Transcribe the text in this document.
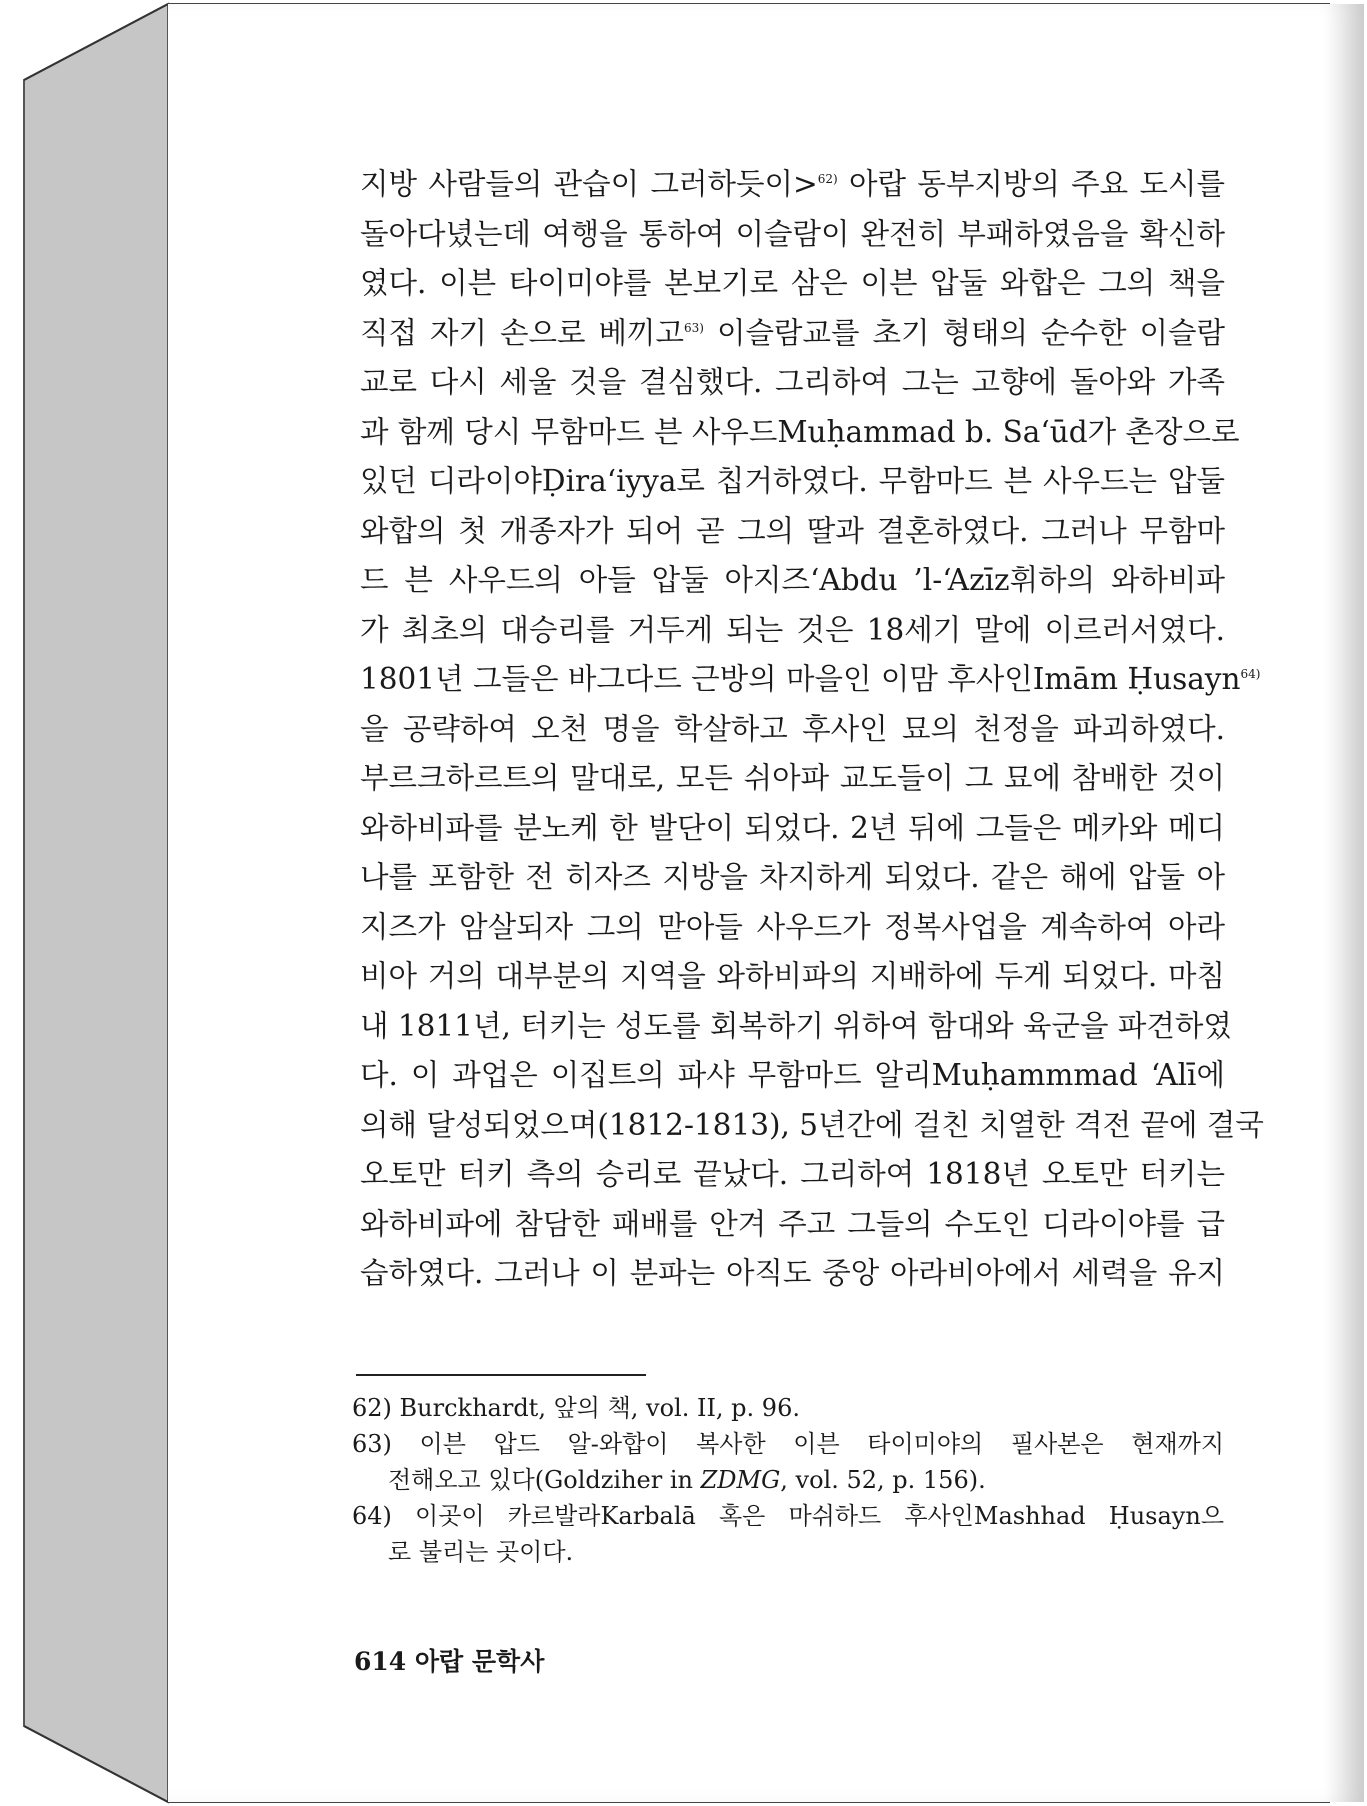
지방 사람들의 관습이 그러하듯이>$^{62)}$ 아랍 동부지방의 주요 도시를
돌아다녔는데 여행을 통하여 이슬람이 완전히 부패하였음을 확신하
였다. 이븐 타이미야를 본보기로 삼은 이븐 압둘 와합은 그의 책을
직접 자기 손으로 베끼고$^{63)}$ 이슬람교를 초기 형태의 순수한 이슬람
교로 다시 세울 것을 결심했다. 그리하여 그는 고향에 돌아와 가족
과 함께 당시 무함마드 븐 사우드Muḥammad b. Sa‘ūd가 촌장으로
있던 디라이야Ḍira‘iyya로 칩거하였다. 무함마드 븐 사우드는 압둘
와합의 첫 개종자가 되어 곧 그의 딸과 결혼하였다. 그러나 무함마
드 븐 사우드의 아들 압둘 아지즈‘Abdu ’l-‘Azīz휘하의 와하비파
가 최초의 대승리를 거두게 되는 것은 18세기 말에 이르러서였다.
1801년 그들은 바그다드 근방의 마을인 이맘 후사인Imām Ḥusayn$^{64)}$
을 공략하여 오천 명을 학살하고 후사인 묘의 천정을 파괴하였다.
부르크하르트의 말대로, 모든 쉬아파 교도들이 그 묘에 참배한 것이
와하비파를 분노케 한 발단이 되었다. 2년 뒤에 그들은 메카와 메디
나를 포함한 전 히자즈 지방을 차지하게 되었다. 같은 해에 압둘 아
지즈가 암살되자 그의 맏아들 사우드가 정복사업을 계속하여 아라
비아 거의 대부분의 지역을 와하비파의 지배하에 두게 되었다. 마침
내 1811년, 터키는 성도를 회복하기 위하여 함대와 육군을 파견하였
다. 이 과업은 이집트의 파샤 무함마드 알리Muḥammmad ‘Alī에
의해 달성되었으며(1812-1813), 5년간에 걸친 치열한 격전 끝에 결국
오토만 터키 측의 승리로 끝났다. 그리하여 1818년 오토만 터키는
와하비파에 참담한 패배를 안겨 주고 그들의 수도인 디라이야를 급
습하였다. 그러나 이 분파는 아직도 중앙 아라비아에서 세력을 유지
62) Burckhardt, 앞의 책, vol. II, p. 96.
63) 이븐 압드 알-와합이 복사한 이븐 타이미야의 필사본은 현재까지
전해오고 있다(Goldziher in ZDMG, vol. 52, p. 156).
64) 이곳이 카르발라Karbalā 혹은 마쉬하드 후사인Mashhad Ḥusayn으
로 불리는 곳이다.
614 아랍 문학사
